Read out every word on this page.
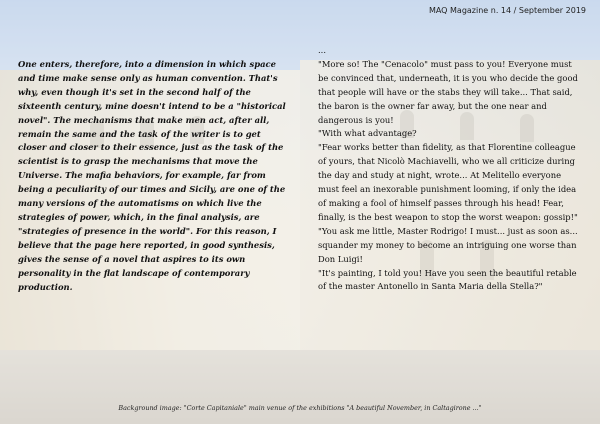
MAQ Magazine n. 14 / September 2019

One enters, therefore, into a dimension in which space and time make sense only as human convention. That's why, even though it's set in the second half of the sixteenth century, mine doesn't intend to be a "historical novel". The mechanisms that make men act, after all, remain the same and the task of the writer is to get closer and closer to their essence, just as the task of the scientist is to grasp the mechanisms that move the Universe. The mafia behaviors, for example, far from being a peculiarity of our times and Sicily, are one of the many versions of the automatisms on which live the strategies of power, which, in the final analysis, are "strategies of presence in the world". For this reason, I believe that the page here reported, in good synthesis, gives the sense of a novel that aspires to its own personality in the flat landscape of contemporary production.

...

"More so! The "Cenacolo" must pass to you! Everyone must be convinced that, underneath, it is you who decide the good that people will have or the stabs they will take... That said, the baron is the owner far away, but the one near and dangerous is you!

"With what advantage?

"Fear works better than fidelity, as that Florentine colleague of yours, that Nicolò Machiavelli, who we all criticize during the day and study at night, wrote... At Melitello everyone must feel an inexorable punishment looming, if only the idea of making a fool of himself passes through his head! Fear, finally, is the best weapon to stop the worst weapon: gossip!"

"You ask me little, Master Rodrigo! I must... just as soon as... squander my money to become an intriguing one worse than Don Luigi!

"It's painting, I told you! Have you seen the beautiful retable of the master Antonello in Santa Maria della Stella?"

Background image: "Corte Capitaniale" main venue of the exhibitions "A beautiful November, in Caltagirone ..."
